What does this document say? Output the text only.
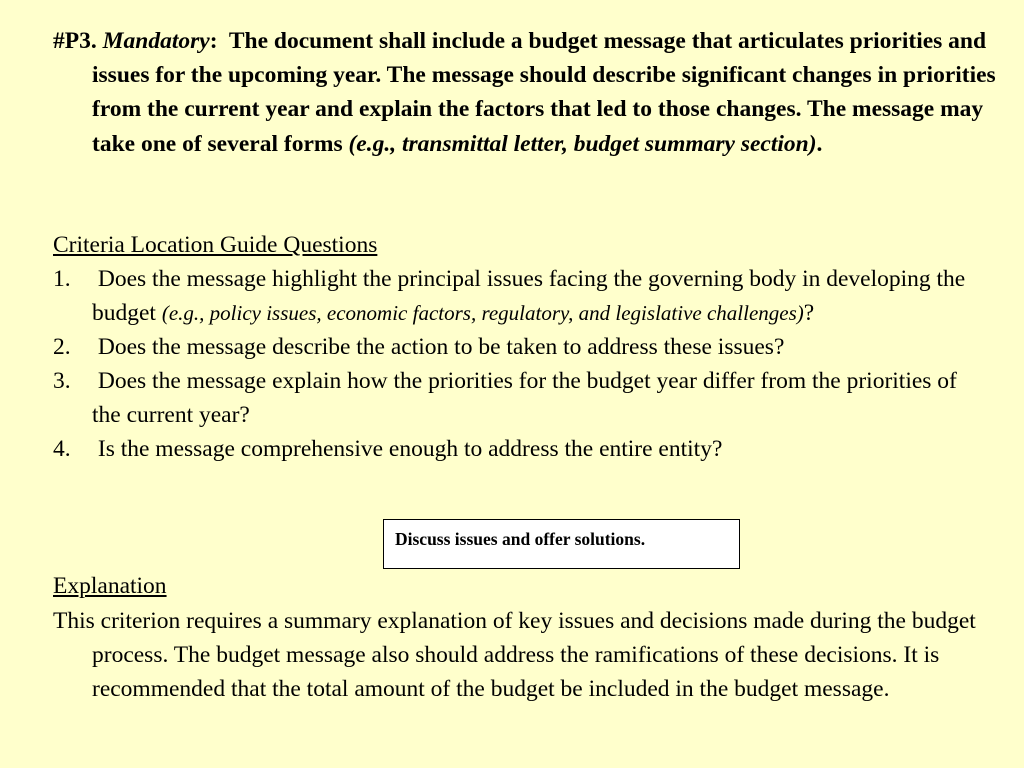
#P3. Mandatory: The document shall include a budget message that articulates priorities and issues for the upcoming year. The message should describe significant changes in priorities from the current year and explain the factors that led to those changes. The message may take one of several forms (e.g., transmittal letter, budget summary section).
Criteria Location Guide Questions
1. Does the message highlight the principal issues facing the governing body in developing the budget (e.g., policy issues, economic factors, regulatory, and legislative challenges)?
2. Does the message describe the action to be taken to address these issues?
3. Does the message explain how the priorities for the budget year differ from the priorities of the current year?
4. Is the message comprehensive enough to address the entire entity?
Discuss issues and offer solutions.
Explanation
This criterion requires a summary explanation of key issues and decisions made during the budget process. The budget message also should address the ramifications of these decisions. It is recommended that the total amount of the budget be included in the budget message.
